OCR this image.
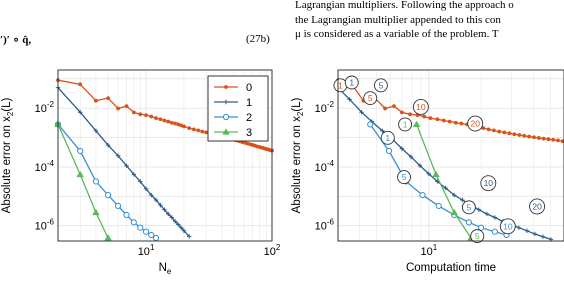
′)′ ∘ q̂,	(27b)
Lagrangian multipliers. Following the approach o
the Lagrangian multiplier appended to this con
μ is considered as a variable of the problem. T
$10^1$	$10^2$
$10^{-2}$
$10^{-4}$
$10^{-6}$
$N_e$
Absolute error on $x_2(L)$
0
1
2
3
1
5
10
20
1	5
10
20
1
5
5
10
1
5
$10^1$
$10^{-2}$
$10^{-4}$
$10^{-6}$
Computation time
Absolute error on $x_2(L)$
